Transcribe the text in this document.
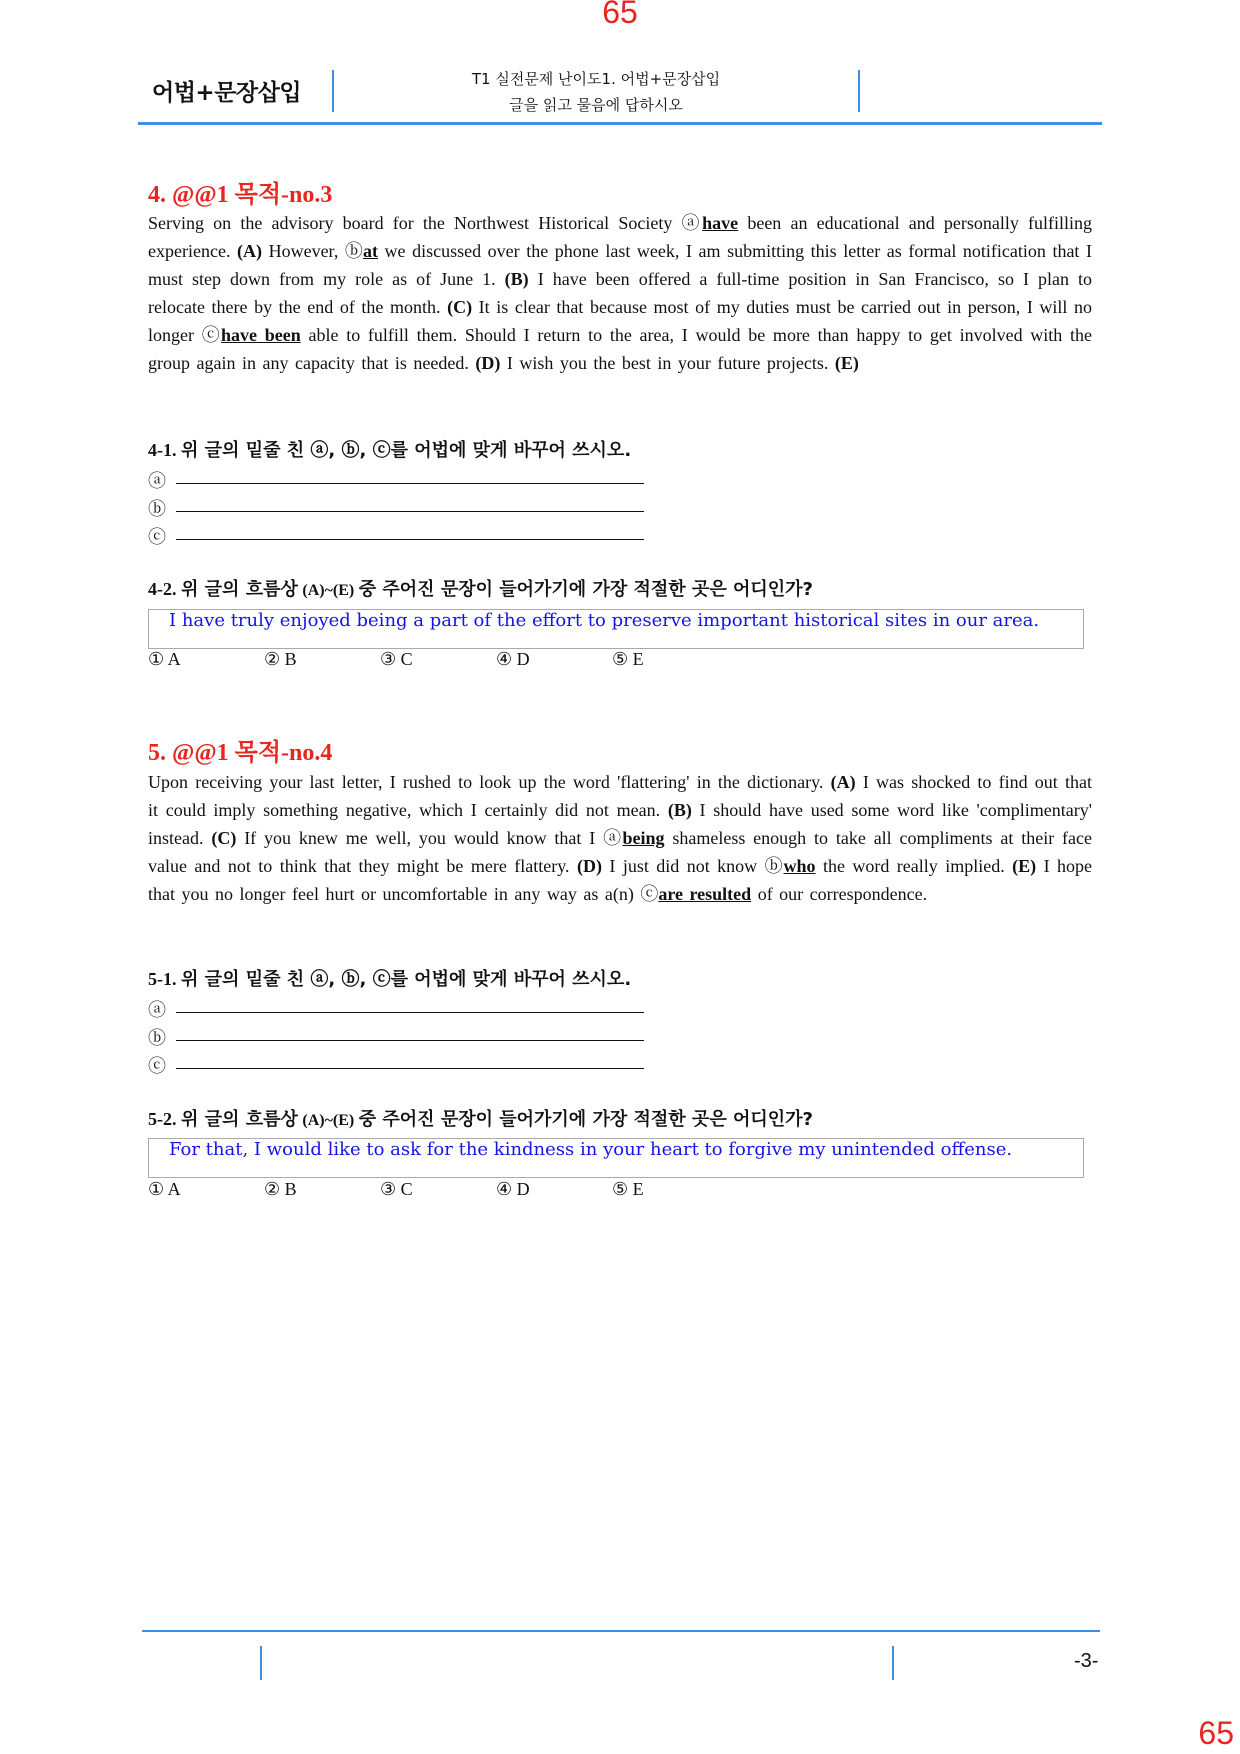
65
어법+문장삽입
T1 실전문제 난이도1. 어법+문장삽입
글을 읽고 물음에 답하시오
4. @@1 목적-no.3
Serving on the advisory board for the Northwest Historical Society ⓐhave been an educational and personally fulfilling experience. (A) However, ⓑat we discussed over the phone last week, I am submitting this letter as formal notification that I must step down from my role as of June 1. (B) I have been offered a full-time position in San Francisco, so I plan to relocate there by the end of the month. (C) It is clear that because most of my duties must be carried out in person, I will no longer ⓒhave been able to fulfill them. Should I return to the area, I would be more than happy to get involved with the group again in any capacity that is needed. (D) I wish you the best in your future projects. (E)
4-1. 위 글의 밑줄 친 ⓐ, ⓑ, ⓒ를 어법에 맞게 바꾸어 쓰시오.
ⓐ
ⓑ
ⓒ
4-2. 위 글의 흐름상 (A)~(E) 중 주어진 문장이 들어가기에 가장 적절한 곳은 어디인가?
I have truly enjoyed being a part of the effort to preserve important historical sites in our area.
① A	② B	③ C	④ D	⑤ E
5. @@1 목적-no.4
Upon receiving your last letter, I rushed to look up the word 'flattering' in the dictionary. (A) I was shocked to find out that it could imply something negative, which I certainly did not mean. (B) I should have used some word like 'complimentary' instead. (C) If you knew me well, you would know that I ⓐbeing shameless enough to take all compliments at their face value and not to think that they might be mere flattery. (D) I just did not know ⓑwho the word really implied. (E) I hope that you no longer feel hurt or uncomfortable in any way as a(n) ⓒare resulted of our correspondence.
5-1. 위 글의 밑줄 친 ⓐ, ⓑ, ⓒ를 어법에 맞게 바꾸어 쓰시오.
ⓐ
ⓑ
ⓒ
5-2. 위 글의 흐름상 (A)~(E) 중 주어진 문장이 들어가기에 가장 적절한 곳은 어디인가?
For that, I would like to ask for the kindness in your heart to forgive my unintended offense.
① A	② B	③ C	④ D	⑤ E
-3-
65
